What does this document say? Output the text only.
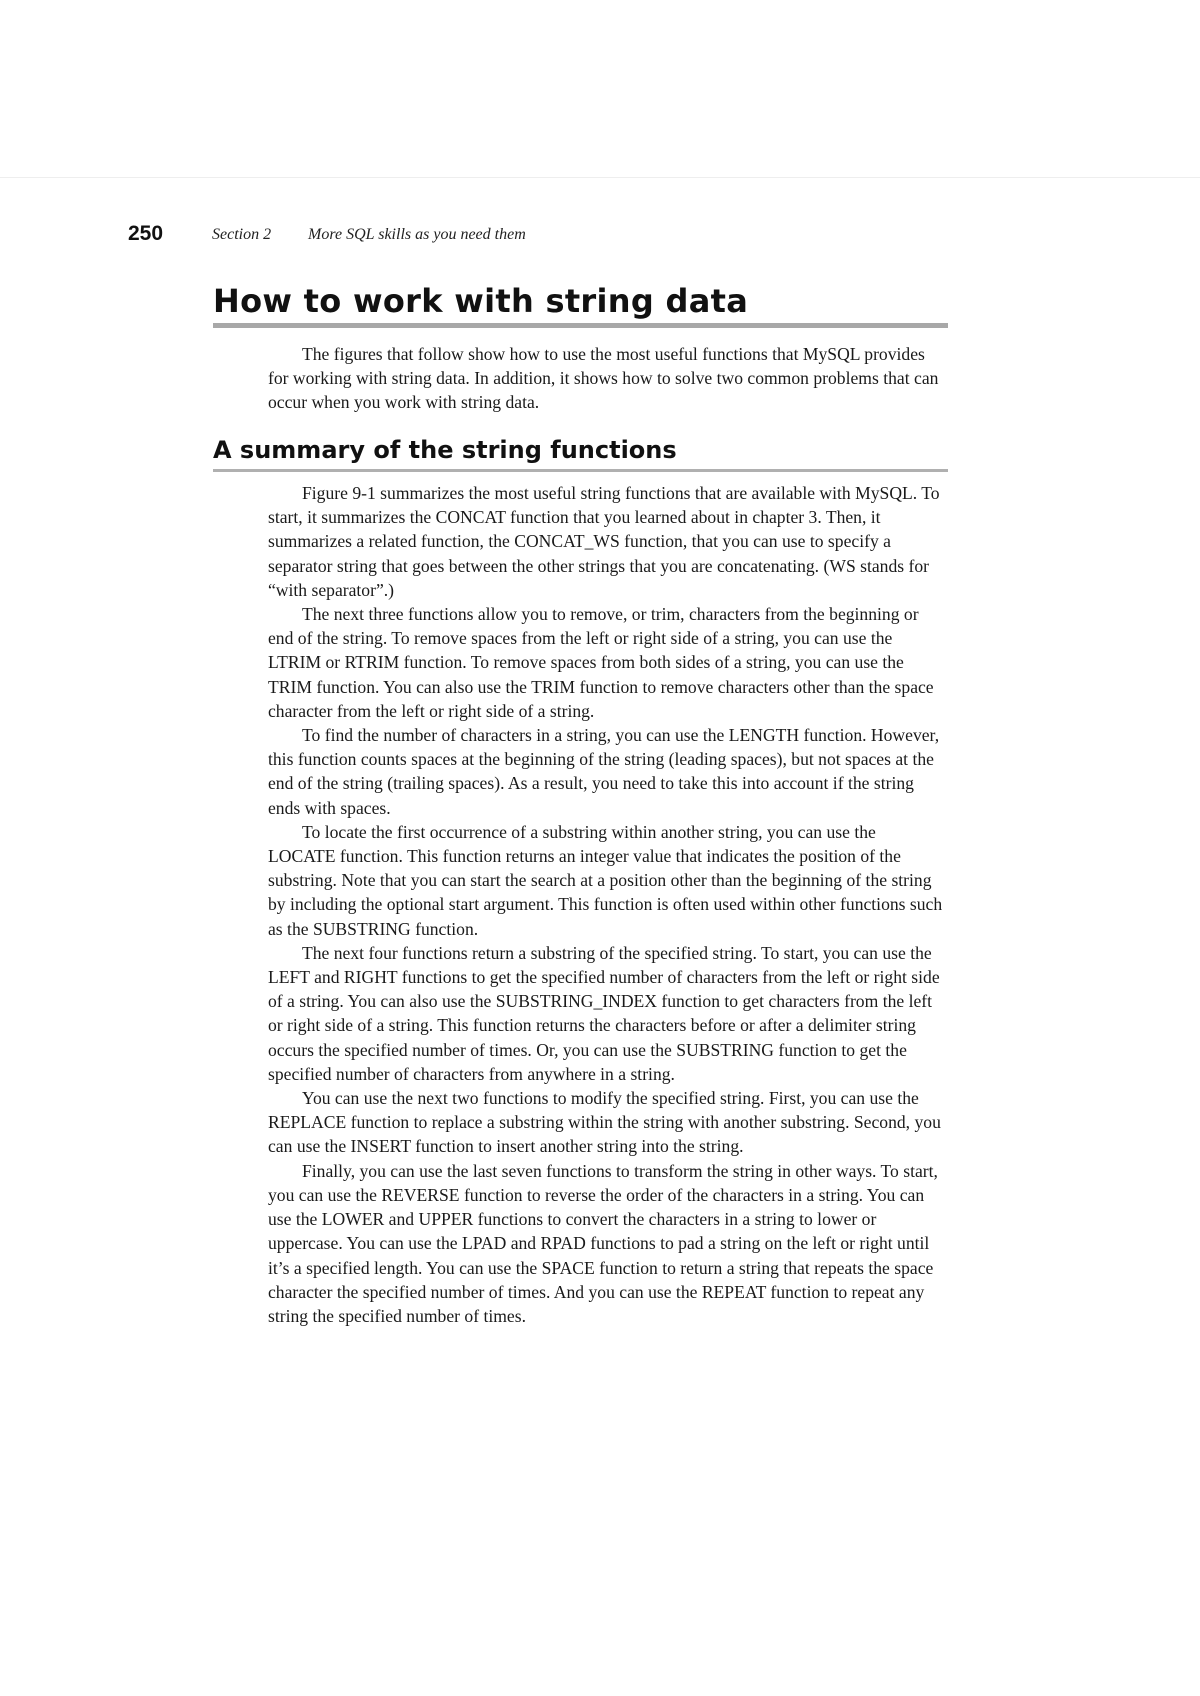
250	Section 2 More SQL skills as you need them
How to work with string data

The figures that follow show how to use the most useful functions that MySQL provides for working with string data. In addition, it shows how to solve two common problems that can occur when you work with string data.

A summary of the string functions

Figure 9-1 summarizes the most useful string functions that are available with MySQL. To start, it summarizes the CONCAT function that you learned about in chapter 3. Then, it summarizes a related function, the CONCAT_WS function, that you can use to specify a separator string that goes between the other strings that you are concatenating. (WS stands for “with separator”.)

The next three functions allow you to remove, or trim, characters from the beginning or end of the string. To remove spaces from the left or right side of a string, you can use the LTRIM or RTRIM function. To remove spaces from both sides of a string, you can use the TRIM function. You can also use the TRIM function to remove characters other than the space character from the left or right side of a string.

To find the number of characters in a string, you can use the LENGTH function. However, this function counts spaces at the beginning of the string (leading spaces), but not spaces at the end of the string (trailing spaces). As a result, you need to take this into account if the string ends with spaces.

To locate the first occurrence of a substring within another string, you can use the LOCATE function. This function returns an integer value that indicates the position of the substring. Note that you can start the search at a position other than the beginning of the string by including the optional start argument. This function is often used within other functions such as the SUBSTRING function.

The next four functions return a substring of the specified string. To start, you can use the LEFT and RIGHT functions to get the specified number of characters from the left or right side of a string. You can also use the SUBSTRING_INDEX function to get characters from the left or right side of a string. This function returns the characters before or after a delimiter string occurs the specified number of times. Or, you can use the SUBSTRING function to get the specified number of characters from anywhere in a string.

You can use the next two functions to modify the specified string. First, you can use the REPLACE function to replace a substring within the string with another substring. Second, you can use the INSERT function to insert another string into the string.

Finally, you can use the last seven functions to transform the string in other ways. To start, you can use the REVERSE function to reverse the order of the characters in a string. You can use the LOWER and UPPER functions to convert the characters in a string to lower or uppercase. You can use the LPAD and RPAD functions to pad a string on the left or right until it’s a specified length. You can use the SPACE function to return a string that repeats the space character the specified number of times. And you can use the REPEAT function to repeat any string the specified number of times.
